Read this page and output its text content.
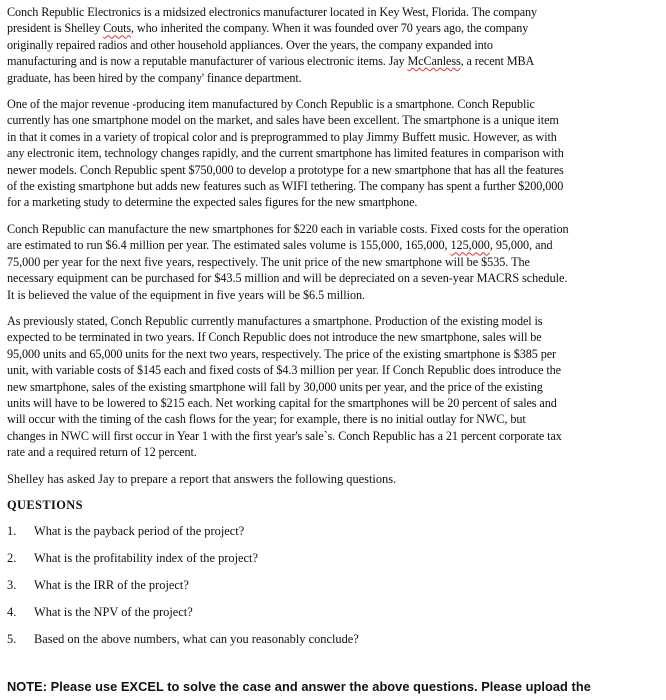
Conch Republic Electronics is a midsized electronics manufacturer located in Key West, Florida. The company
president is Shelley Couts, who inherited the company. When it was founded over 70 years ago, the company
originally repaired radios and other household appliances. Over the years, the company expanded into
manufacturing and is now a reputable manufacturer of various electronic items. Jay McCanless, a recent MBA
graduate, has been hired by the company' finance department.

One of the major revenue -producing item manufactured by Conch Republic is a smartphone. Conch Republic
currently has one smartphone model on the market, and sales have been excellent. The smartphone is a unique item
in that it comes in a variety of tropical color and is preprogrammed to play Jimmy Buffett music. However, as with
any electronic item, technology changes rapidly, and the current smartphone has limited features in comparison with
newer models. Conch Republic spent $750,000 to develop a prototype for a new smartphone that has all the features
of the existing smartphone but adds new features such as WIFI tethering. The company has spent a further $200,000
for a marketing study to determine the expected sales figures for the new smartphone.

Conch Republic can manufacture the new smartphones for $220 each in variable costs. Fixed costs for the operation
are estimated to run $6.4 million per year. The estimated sales volume is 155,000, 165,000, 125,000, 95,000, and
75,000 per year for the next five years, respectively. The unit price of the new smartphone will be $535. The
necessary equipment can be purchased for $43.5 million and will be depreciated on a seven-year MACRS schedule.
It is believed the value of the equipment in five years will be $6.5 million.

As previously stated, Conch Republic currently manufactures a smartphone. Production of the existing model is
expected to be terminated in two years. If Conch Republic does not introduce the new smartphone, sales will be
95,000 units and 65,000 units for the next two years, respectively. The price of the existing smartphone is $385 per
unit, with variable costs of $145 each and fixed costs of $4.3 million per year. If Conch Republic does introduce the
new smartphone, sales of the existing smartphone will fall by 30,000 units per year, and the price of the existing
units will have to be lowered to $215 each. Net working capital for the smartphones will be 20 percent of sales and
will occur with the timing of the cash flows for the year; for example, there is no initial outlay for NWC, but
changes in NWC will first occur in Year 1 with the first year's sale`s. Conch Republic has a 21 percent corporate tax
rate and a required return of 12 percent.

Shelley has asked Jay to prepare a report that answers the following questions.

QUESTIONS

1.	What is the payback period of the project?
2.	What is the profitability index of the project?
3.	What is the IRR of the project?
4.	What is the NPV of the project?
5.	Based on the above numbers, what can you reasonably conclude?
NOTE: Please use EXCEL to solve the case and answer the above questions. Please upload the
